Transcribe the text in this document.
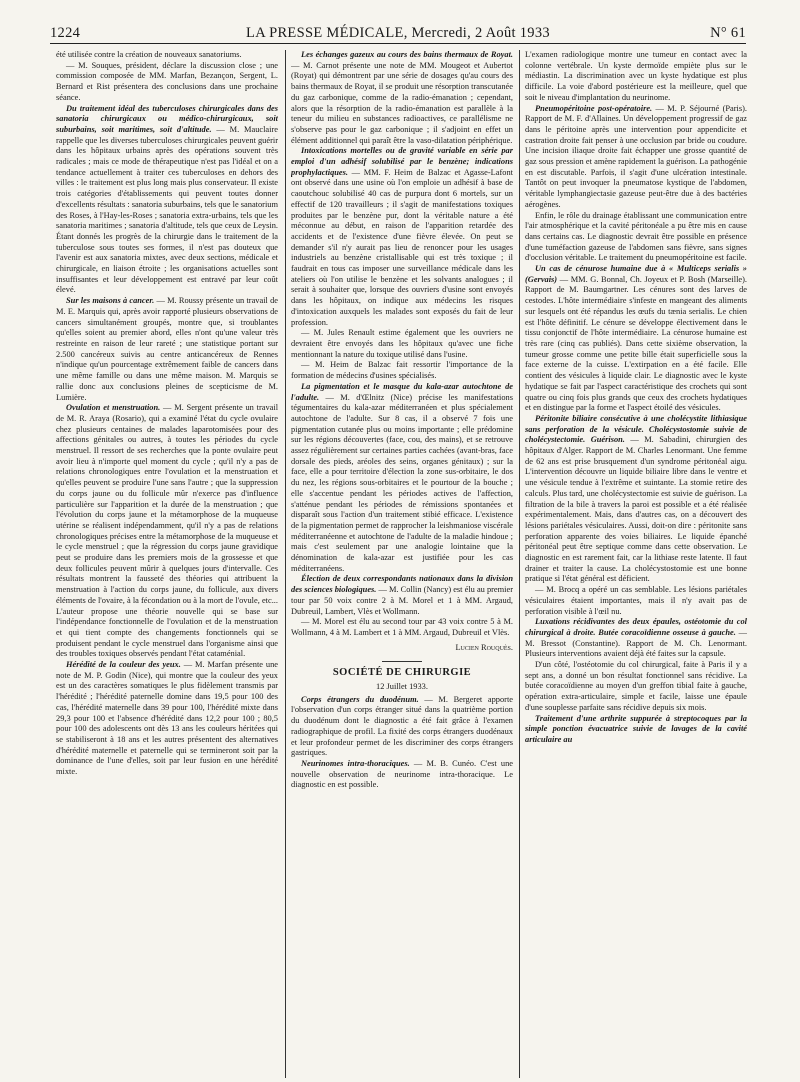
1224	LA PRESSE MÉDICALE, Mercredi, 2 Août 1933	N° 61

été utilisée contre la création de nouveaux sanatoriums.

— M. Souques, président, déclare la discussion close ; une commission composée de MM. Marfan, Bezançon, Sergent, L. Bernard et Rist présentera des conclusions dans une prochaine séance.

Du traitement idéal des tuberculoses chirurgicales dans des sanatoria chirurgicaux ou médico-chirurgicaux, soit suburbains, soit maritimes, soit d'altitude. — M. Mauclaire rappelle que les diverses tuberculoses chirurgicales peuvent guérir dans les hôpitaux urbains après des opérations souvent très radicales ; mais ce mode de thérapeutique n'est pas l'idéal et on a tendance actuellement à traiter ces tuberculoses en dehors des villes : le traitement est plus long mais plus conservateur. Il existe trois catégories d'établissements qui peuvent toutes donner d'excellents résultats : sanatoria suburbains, tels que le sanatorium des Roses, à l'Hay-les-Roses ; sanatoria extra-urbains, tels que les sanatoria maritimes ; sanatoria d'altitude, tels que ceux de Leysin. Étant donnés les progrès de la chirurgie dans le traitement de la tuberculose sous toutes ses formes, il n'est pas douteux que l'avenir est aux sanatoria mixtes, avec deux sections, médicale et chirurgicale, en liaison étroite ; les organisations actuelles sont insuffisantes et leur développement est entravé par leur coût élevé.

Sur les maisons à cancer. — M. Roussy présente un travail de M. E. Marquis qui, après avoir rapporté plusieurs observations de cancers simultanément groupés, montre que, si troublantes qu'elles soient au premier abord, elles n'ont qu'une valeur très restreinte en raison de leur rareté ; une statistique portant sur 2.500 cancéreux suivis au centre anticancéreux de Rennes n'indique qu'un pourcentage extrêmement faible de cancers dans une même famille ou dans une même maison. M. Marquis se rallie donc aux conclusions pleines de scepticisme de M. Lumière.

Ovulation et menstruation. — M. Sergent présente un travail de M. R. Araya (Rosario), qui a examiné l'état du cycle ovulaire chez plusieurs centaines de malades laparotomisées pour des affections génitales ou autres, à toutes les périodes du cycle menstruel. Il ressort de ses recherches que la ponte ovulaire peut avoir lieu à n'importe quel moment du cycle ; qu'il n'y a pas de relations chronologiques entre l'ovulation et la menstruation et qu'elles peuvent se produire l'une sans l'autre ; que la suppression du corps jaune ou du follicule mûr n'exerce pas d'influence particulière sur l'apparition et la durée de la menstruation ; que l'évolution du corps jaune et la métamorphose de la muqueuse utérine se réalisent indépendamment, qu'il n'y a pas de relations chronologiques précises entre la métamorphose de la muqueuse et le cycle menstruel ; que la régression du corps jaune gravidique peut se produire dans les premiers mois de la grossesse et que deux follicules peuvent mûrir à quelques jours d'intervalle. Ces résultats montrent la fausseté des théories qui attribuent la menstruation à l'action du corps jaune, du follicule, aux divers éléments de l'ovaire, à la fécondation ou à la mort de l'ovule, etc... L'auteur propose une théorie nouvelle qui se base sur l'indépendance fonctionnelle de l'ovulation et de la menstruation et qui tient compte des changements fonctionnels qui se produisent pendant le cycle menstruel dans l'organisme ainsi que des troubles toxiques observés pendant l'état cataménial.

Hérédité de la couleur des yeux. — M. Marfan présente une note de M. P. Godin (Nice), qui montre que la couleur des yeux est un des caractères somatiques le plus fidèlement transmis par l'hérédité ; l'hérédité paternelle domine dans 19,5 pour 100 des cas, l'hérédité maternelle dans 39 pour 100, l'hérédité mixte dans 29,3 pour 100 et l'absence d'hérédité dans 12,2 pour 100 ; 80,5 pour 100 des adolescents ont dès 13 ans les couleurs héritées qui se stabiliseront à 18 ans et les autres présentent des alternatives d'hérédité maternelle et paternelle qui se termineront soit par la dominance de l'une d'elles, soit par leur fusion en une hérédité mixte.

Les échanges gazeux au cours des bains thermaux de Royat. — M. Carnot présente une note de MM. Mougeot et Aubertot (Royat) qui démontrent par une série de dosages qu'au cours des bains thermaux de Royat, il se produit une résorption transcutanée du gaz carbonique, comme de la radio-émanation ; cependant, alors que la résorption de la radio-émanation est parallèle à la teneur du milieu en substances radioactives, ce parallélisme ne s'observe pas pour le gaz carbonique ; il s'adjoint en effet un élément additionnel qui paraît être la vaso-dilatation périphérique.

Intoxications mortelles ou de gravité variable en série par emploi d'un adhésif solubilisé par le benzène; indications prophylactiques. — MM. F. Heim de Balzac et Agasse-Lafont ont observé dans une usine où l'on emploie un adhésif à base de caoutchouc solubilisé 40 cas de purpura dont 6 mortels, sur un effectif de 120 travailleurs ; il s'agit de manifestations toxiques produites par le benzène pur, dont la véritable nature a été méconnue au début, en raison de l'apparition retardée des accidents et de l'existence d'une fièvre élevée. On peut se demander s'il n'y aurait pas lieu de renoncer pour les usages industriels au benzène cristallisable qui est très toxique ; il faudrait en tous cas imposer une surveillance médicale dans les ateliers où l'on utilise le benzène et les solvants analogues ; il serait à souhaiter que, lorsque des ouvriers d'usine sont envoyés dans les hôpitaux, on indique aux médecins les risques d'intoxication auxquels les malades sont exposés du fait de leur profession.

— M. Jules Renault estime également que les ouvriers ne devraient être envoyés dans les hôpitaux qu'avec une fiche mentionnant la nature du toxique utilisé dans l'usine.

— M. Heim de Balzac fait ressortir l'importance de la formation de médecins d'usines spécialisés.

La pigmentation et le masque du kala-azar autochtone de l'adulte. — M. d'Œlnitz (Nice) précise les manifestations tégumentaires du kala-azar méditerranéen et plus spécialement autochtone de l'adulte. Sur 8 cas, il a observé 7 fois une pigmentation cutanée plus ou moins importante ; elle prédomine sur les régions découvertes (face, cou, des mains), et se retrouve assez régulièrement sur certaines parties cachées (avant-bras, face dorsale des pieds, aréoles des seins, organes génitaux) ; sur la face, elle a pour territoire d'élection la zone sus-orbitaire, le dos du nez, les régions sous-orbitaires et le pourtour de la bouche ; elle s'accentue pendant les périodes actives de l'affection, s'atténue pendant les périodes de rémissions spontanées et disparaît sous l'action d'un traitement stibié efficace. L'existence de la pigmentation permet de rapprocher la leishmaniose viscérale méditerranéenne et autochtone de l'adulte de la maladie hindoue ; mais c'est seulement par une analogie lointaine que la dénomination de kala-azar est justifiée pour les cas méditerranéens.

Élection de deux correspondants nationaux dans la division des sciences biologiques. — M. Collin (Nancy) est élu au premier tour par 50 voix contre 2 à M. Morel et 1 à MM. Argaud, Dubreuil, Lambert, Vlès et Wollmann.

— M. Morel est élu au second tour par 43 voix contre 5 à M. Wollmann, 4 à M. Lambert et 1 à MM. Argaud, Dubreuil et Vlès.

Lucien Rouquès.

SOCIÉTÉ DE CHIRURGIE

12 Juillet 1933.

Corps étrangers du duodénum. — M. Bergeret apporte l'observation d'un corps étranger situé dans la quatrième portion du duodénum dont le diagnostic a été fait grâce à l'examen radiographique de profil. La fixité des corps étrangers duodénaux et leur profondeur permet de les discriminer des corps étrangers gastriques.

Neurinomes intra-thoraciques. — M. B. Cunéo. C'est une nouvelle observation de neurinome intra-thoracique. Le diagnostic en est possible.

L'examen radiologique montre une tumeur en contact avec la colonne vertébrale. Un kyste dermoïde empiète plus sur le médiastin. La discrimination avec un kyste hydatique est plus difficile. La voie d'abord postérieure est la meilleure, quel que soit le niveau d'implantation du neurinome.

Pneumopéritoine post-opératoire. — M. P. Séjourné (Paris). Rapport de M. F. d'Allaines. Un développement progressif de gaz dans le péritoine après une intervention pour appendicite et castration droite fait penser à une occlusion par bride ou coudure. Une incision iliaque droite fait échapper une grosse quantité de gaz sous pression et amène rapidement la guérison. La pathogénie en est discutable. Parfois, il s'agit d'une ulcération intestinale. Tantôt on peut invoquer la pneumatose kystique de l'abdomen, véritable lymphangiectasie gazeuse peut-être due à des bactéries aérogènes.

Enfin, le rôle du drainage établissant une communication entre l'air atmosphérique et la cavité péritonéale a pu être mis en cause dans certains cas. Le diagnostic devrait être possible en présence d'une tuméfaction gazeuse de l'abdomen sans fièvre, sans signes d'occlusion véritable. Le traitement du pneumopéritoine est facile.

Un cas de cénurose humaine due à « Multiceps serialis » (Gervais) — MM. G. Bonnal, Ch. Joyeux et P. Bosh (Marseille). Rapport de M. Baumgartner. Les cénures sont des larves de cestodes. L'hôte intermédiaire s'infeste en mangeant des aliments sur lesquels ont été répandus les œufs du tænia serialis. Le chien est l'hôte définitif. Le cénure se développe électivement dans le tissu conjonctif de l'hôte intermédiaire. La cénurose humaine est très rare (cinq cas publiés). Dans cette sixième observation, la tumeur grosse comme une petite bille était superficielle sous la face externe de la cuisse. L'extirpation en a été facile. Elle contient des vésicules à liquide clair. Le diagnostic avec le kyste hydatique se fait par l'aspect caractéristique des crochets qui sont quatre ou cinq fois plus grands que ceux des crochets hydatiques et en distingue par la forme et l'aspect étoilé des vésicules.

Péritonite biliaire consécutive à une cholécystite lithiasique sans perforation de la vésicule. Cholécystostomie suivie de cholécystectomie. Guérison. — M. Sabadini, chirurgien des hôpitaux d'Alger. Rapport de M. Charles Lenormant. Une femme de 62 ans est prise brusquement d'un syndrome péritonéal aigu. L'intervention découvre un liquide biliaire libre dans le ventre et une vésicule tendue à l'extrême et suintante. La stomie retire des calculs. Plus tard, une cholécystectomie est suivie de guérison. La filtration de la bile à travers la paroi est possible et a été réalisée expérimentalement. Mais, dans d'autres cas, on a découvert des lésions pariétales vésiculaires. Aussi, doit-on dire : péritonite sans perforation apparente des voies biliaires. Le liquide épanché péritonéal peut être septique comme dans cette observation. Le diagnostic en est rarement fait, car la lithiase reste latente. Il faut drainer et traiter la cause. La cholécystostomie est une bonne pratique si l'état général est déficient.

— M. Brocq a opéré un cas semblable. Les lésions pariétales vésiculaires étaient importantes, mais il n'y avait pas de perforation visible à l'œil nu.

Luxations récidivantes des deux épaules, ostéotomie du col chirurgical à droite. Butée coracoïdienne osseuse à gauche. — M. Bressot (Constantine). Rapport de M. Ch. Lenormant. Plusieurs interventions avaient déjà été faites sur la capsule.

D'un côté, l'ostéotomie du col chirurgical, faite à Paris il y a sept ans, a donné un bon résultat fonctionnel sans récidive. La butée coracoïdienne au moyen d'un greffon tibial faite à gauche, opération extra-articulaire, simple et facile, laisse une épaule d'une souplesse parfaite sans récidive depuis six mois.

Traitement d'une arthrite suppurée à streptocoques par la simple ponction évacuatrice suivie de lavages de la cavité articulaire au
